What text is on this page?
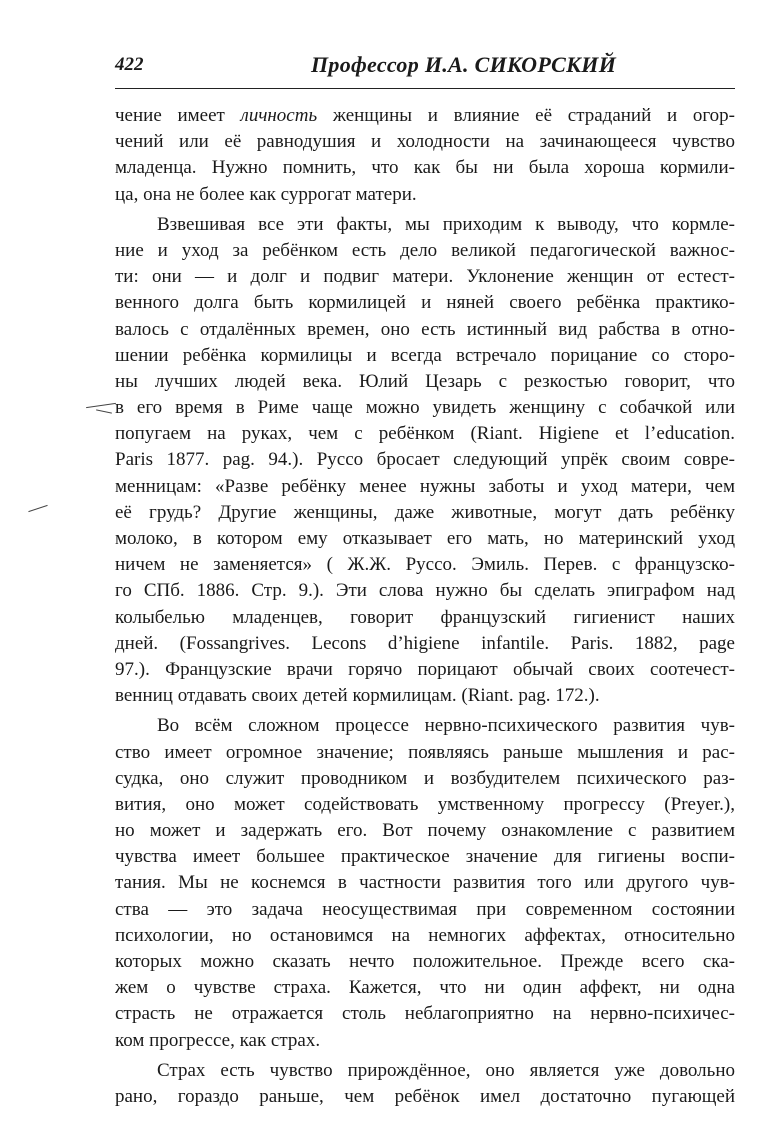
422	Профессор И.А. СИКОРСКИЙ
чение имеет личность женщины и влияние её страданий и огор-
чений или её равнодушия и холодности на зачинающееся чувство
младенца. Нужно помнить, что как бы ни была хороша кормили-
ца, она не более как суррогат матери.
Взвешивая все эти факты, мы приходим к выводу, что кормле-
ние и уход за ребёнком есть дело великой педагогической важнос-
ти: они — и долг и подвиг матери. Уклонение женщин от естест-
венного долга быть кормилицей и няней своего ребёнка практико-
валось с отдалённых времен, оно есть истинный вид рабства в отно-
шении ребёнка кормилицы и всегда встречало порицание со сторо-
ны лучших людей века. Юлий Цезарь с резкостью говорит, что
в его время в Риме чаще можно увидеть женщину с собачкой или
попугаем на руках, чем с ребёнком (Riant. Higiene et l’education.
Paris 1877. pag. 94.). Руссо бросает следующий упрёк своим совре-
менницам: «Разве ребёнку менее нужны заботы и уход матери, чем
её грудь? Другие женщины, даже животные, могут дать ребёнку
молоко, в котором ему отказывает его мать, но материнский уход
ничем не заменяется» ( Ж.Ж. Руссо. Эмиль. Перев. с французско-
го СПб. 1886. Стр. 9.). Эти слова нужно бы сделать эпиграфом над
колыбелью младенцев, говорит французский гигиенист наших
дней. (Fossangrives. Lecons d’higiene infantile. Paris. 1882, page
97.). Французские врачи горячо порицают обычай своих соотечест-
венниц отдавать своих детей кормилицам. (Riant. pag. 172.).
Во всём сложном процессе нервно-психического развития чув-
ство имеет огромное значение; появляясь раньше мышления и рас-
судка, оно служит проводником и возбудителем психического раз-
вития, оно может содействовать умственному прогрессу (Preyer.),
но может и задержать его. Вот почему ознакомление с развитием
чувства имеет большее практическое значение для гигиены воспи-
тания. Мы не коснемся в частности развития того или другого чув-
ства — это задача неосуществимая при современном состоянии
психологии, но остановимся на немногих аффектах, относительно
которых можно сказать нечто положительное. Прежде всего ска-
жем о чувстве страха. Кажется, что ни один аффект, ни одна
страсть не отражается столь неблагоприятно на нервно-психичес-
ком прогрессе, как страх.
Страх есть чувство прирождённое, оно является уже довольно
рано, гораздо раньше, чем ребёнок имел достаточно пугающей
